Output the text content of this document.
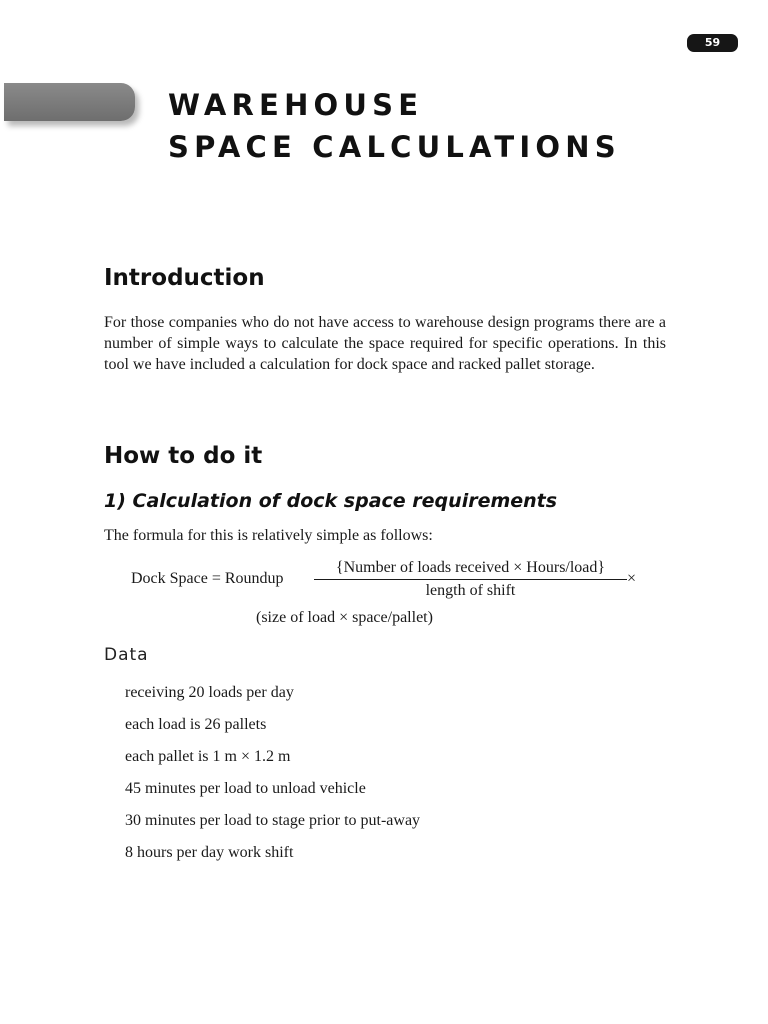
59
WAREHOUSE
SPACE CALCULATIONS
Introduction

For those companies who do not have access to warehouse design programs there are a number of simple ways to calculate the space required for specific operations. In this tool we have included a calculation for dock space and racked pallet storage.

How to do it
1) Calculation of dock space requirements

The formula for this is relatively simple as follows:

Dock Space = Roundup
{Number of loads received × Hours/load}
length of shift
×
(size of load × space/pallet)
Data
receiving 20 loads per day
each load is 26 pallets
each pallet is 1 m × 1.2 m
45 minutes per load to unload vehicle
30 minutes per load to stage prior to put-away
8 hours per day work shift
